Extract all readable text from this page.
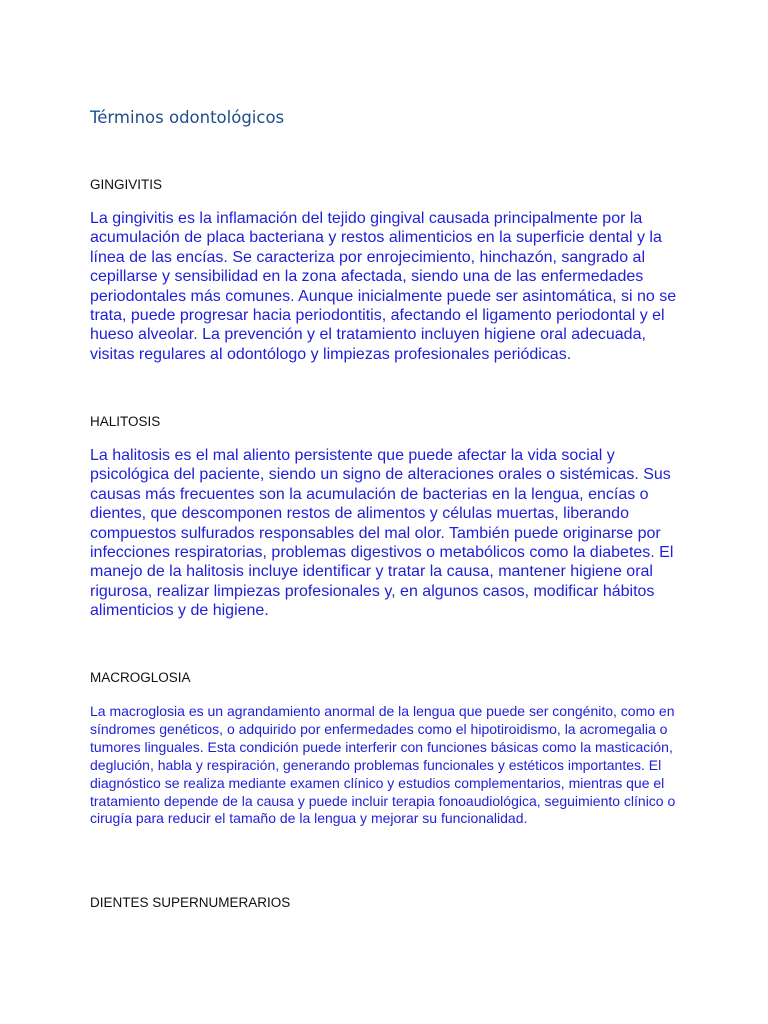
Términos odontológicos
GINGIVITIS

La gingivitis es la inflamación del tejido gingival causada principalmente por la acumulación de placa bacteriana y restos alimenticios en la superficie dental y la línea de las encías. Se caracteriza por enrojecimiento, hinchazón, sangrado al cepillarse y sensibilidad en la zona afectada, siendo una de las enfermedades periodontales más comunes. Aunque inicialmente puede ser asintomática, si no se trata, puede progresar hacia periodontitis, afectando el ligamento periodontal y el hueso alveolar. La prevención y el tratamiento incluyen higiene oral adecuada, visitas regulares al odontólogo y limpiezas profesionales periódicas.

HALITOSIS

La halitosis es el mal aliento persistente que puede afectar la vida social y psicológica del paciente, siendo un signo de alteraciones orales o sistémicas. Sus causas más frecuentes son la acumulación de bacterias en la lengua, encías o dientes, que descomponen restos de alimentos y células muertas, liberando compuestos sulfurados responsables del mal olor. También puede originarse por infecciones respiratorias, problemas digestivos o metabólicos como la diabetes. El manejo de la halitosis incluye identificar y tratar la causa, mantener higiene oral rigurosa, realizar limpiezas profesionales y, en algunos casos, modificar hábitos alimenticios y de higiene.

MACROGLOSIA

La macroglosia es un agrandamiento anormal de la lengua que puede ser congénito, como en síndromes genéticos, o adquirido por enfermedades como el hipotiroidismo, la acromegalia o tumores linguales. Esta condición puede interferir con funciones básicas como la masticación, deglución, habla y respiración, generando problemas funcionales y estéticos importantes. El diagnóstico se realiza mediante examen clínico y estudios complementarios, mientras que el tratamiento depende de la causa y puede incluir terapia fonoaudiológica, seguimiento clínico o cirugía para reducir el tamaño de la lengua y mejorar su funcionalidad.

DIENTES SUPERNUMERARIOS
